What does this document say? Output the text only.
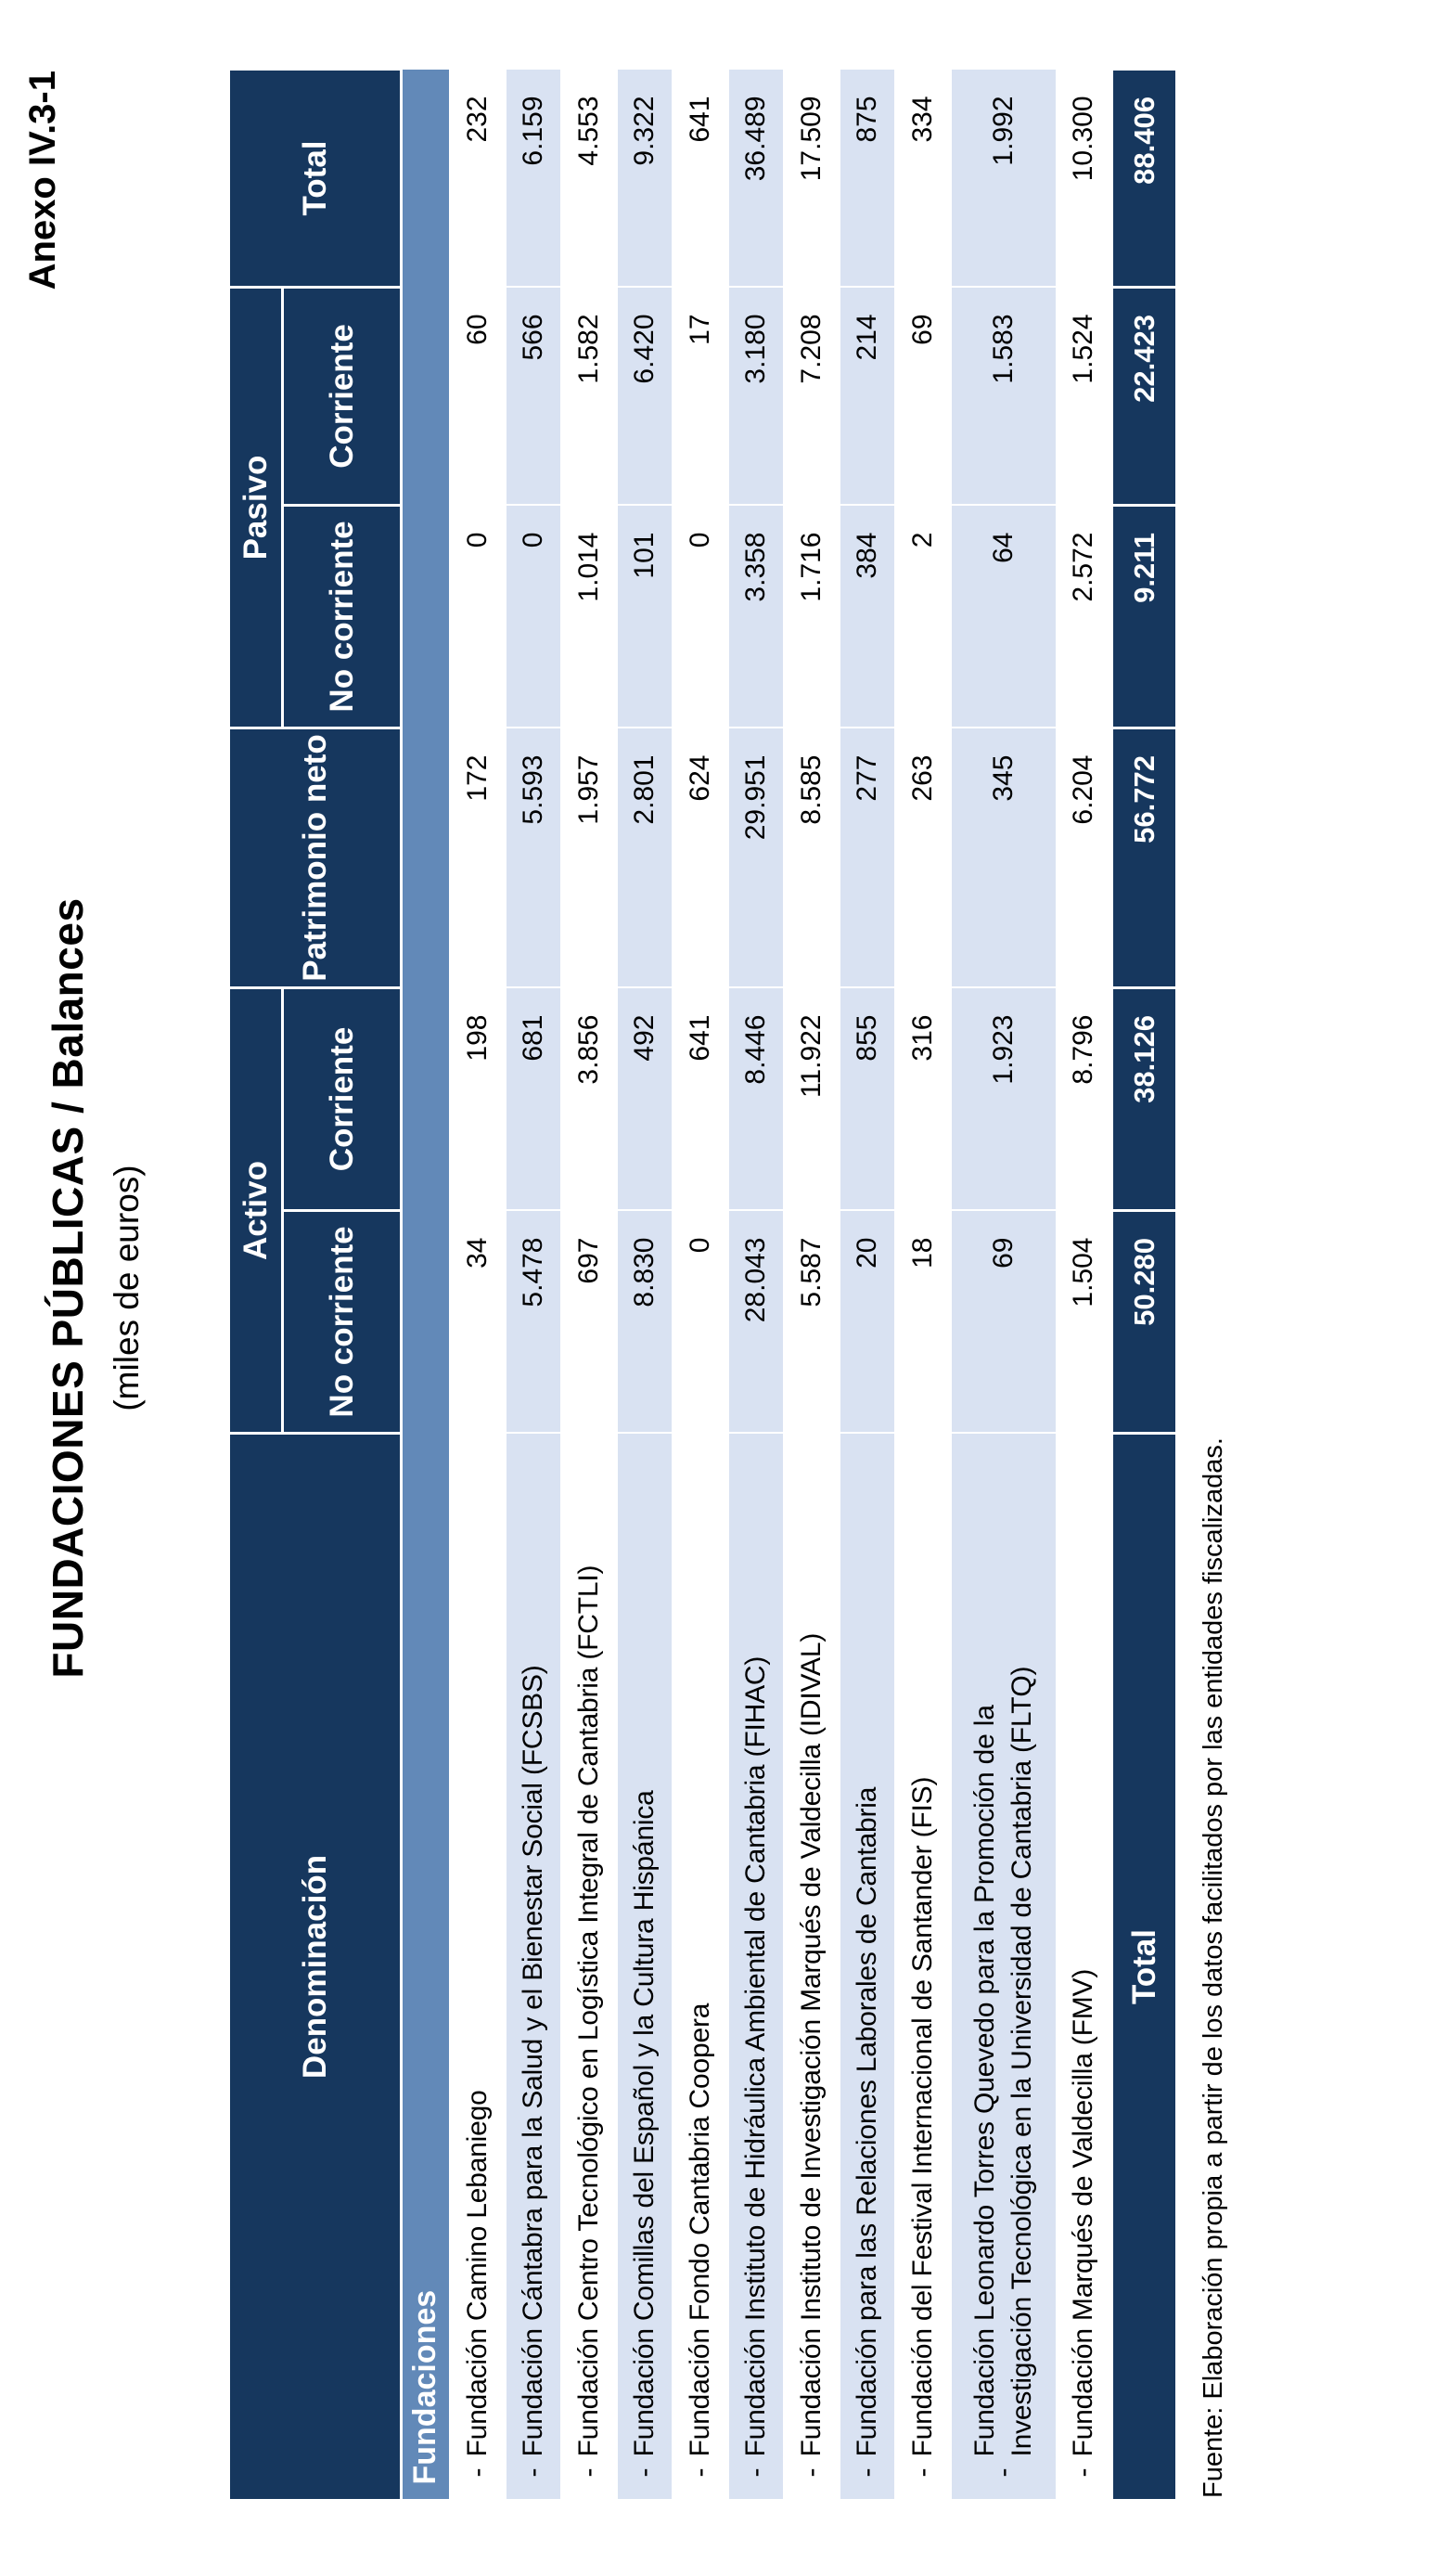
Anexo IV.3-1
FUNDACIONES PÚBLICAS / Balances (miles de euros)
Denominación	Activo		Patrimonio neto	Pasivo		Total
	No corriente	Corriente		No corriente	Corriente	
Fundaciones						

-
Fundación Camino Lebaniego	34	198	172	0	60	232

-
Fundación Cántabra para la Salud y el Bienestar Social (FCSBS)	5.478	681	5.593	0	566	6.159

-
Fundación Centro Tecnológico en Logística Integral de Cantabria (FCTLI)	697	3.856	1.957	1.014	1.582	4.553

-
Fundación Comillas del Español y la Cultura Hispánica	8.830	492	2.801	101	6.420	9.322

-
Fundación Fondo Cantabria Coopera	0	641	624	0	17	641

-
Fundación Instituto de Hidráulica Ambiental de Cantabria (FIHAC)	28.043	8.446	29.951	3.358	3.180	36.489

-
Fundación Instituto de Investigación Marqués de Valdecilla (IDIVAL)	5.587	11.922	8.585	1.716	7.208	17.509

-
Fundación para las Relaciones Laborales de Cantabria	20	855	277	384	214	875

-
Fundación del Festival Internacional de Santander (FIS)	18	316	263	2	69	334

-
Fundación Leonardo Torres Quevedo para la Promoción de la Investigación Tecnológica en la Universidad de Cantabria (FLTQ)	69	1.923	345	64	1.583	1.992

-
Fundación Marqués de Valdecilla (FMV)	1.504	8.796	6.204	2.572	1.524	10.300
Total	50.280	38.126	56.772	9.211	22.423	88.406
Fuente: Elaboración propia a partir de los datos facilitados por las entidades fiscalizadas.
